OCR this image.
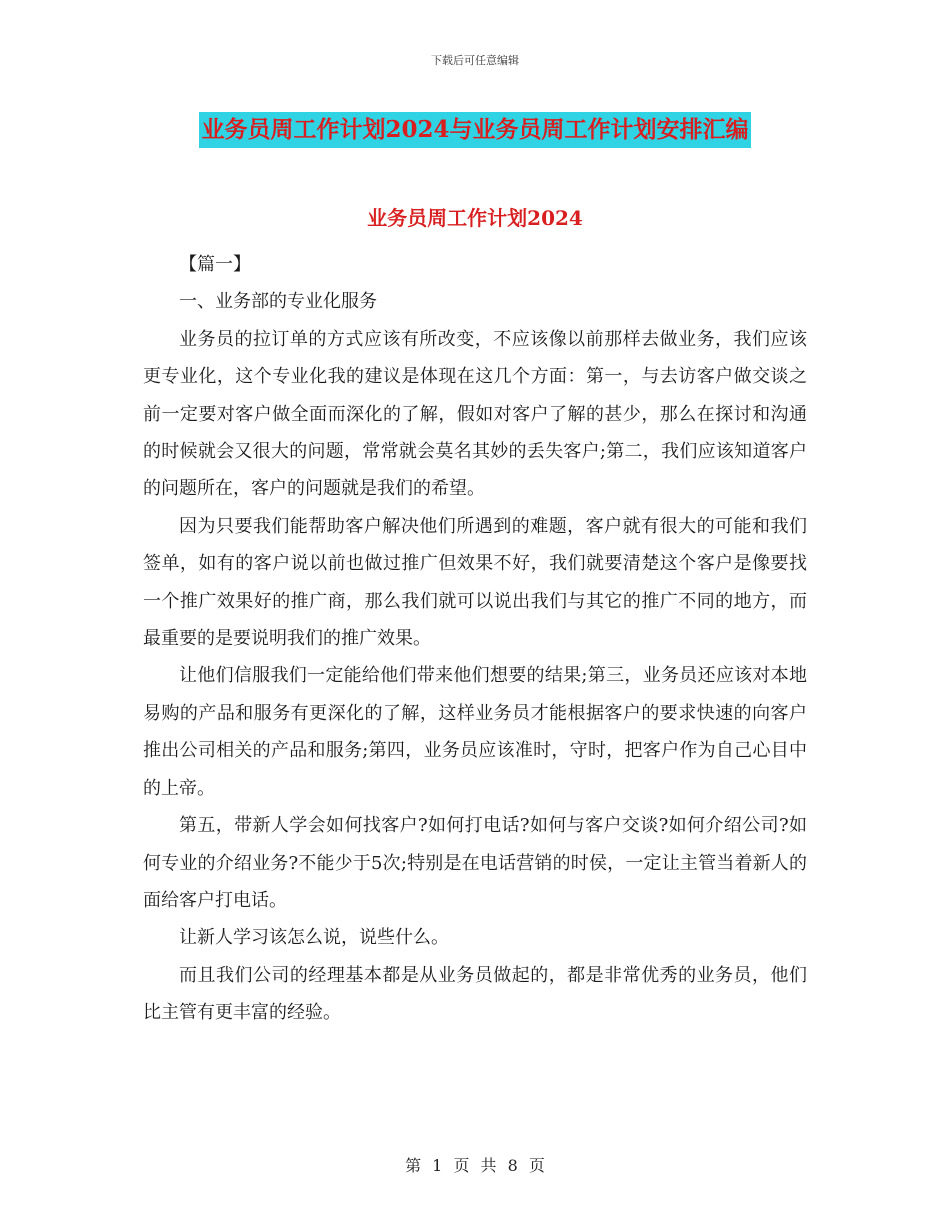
下载后可任意编辑
业务员周工作计划2024与业务员周工作计划安排汇编
业务员周工作计划2024

【篇一】

一、业务部的专业化服务

业务员的拉订单的方式应该有所改变，不应该像以前那样去做业务，我们应该更专业化，这个专业化我的建议是体现在这几个方面：第一，与去访客户做交谈之前一定要对客户做全面而深化的了解，假如对客户了解的甚少，那么在探讨和沟通的时候就会又很大的问题，常常就会莫名其妙的丢失客户;第二，我们应该知道客户的问题所在，客户的问题就是我们的希望。

因为只要我们能帮助客户解决他们所遇到的难题，客户就有很大的可能和我们签单，如有的客户说以前也做过推广但效果不好，我们就要清楚这个客户是像要找一个推广效果好的推广商，那么我们就可以说出我们与其它的推广不同的地方，而最重要的是要说明我们的推广效果。

让他们信服我们一定能给他们带来他们想要的结果;第三，业务员还应该对本地易购的产品和服务有更深化的了解，这样业务员才能根据客户的要求快速的向客户推出公司相关的产品和服务;第四，业务员应该准时，守时，把客户作为自己心目中的上帝。

第五，带新人学会如何找客户?如何打电话?如何与客户交谈?如何介绍公司?如何专业的介绍业务?不能少于5次;特别是在电话营销的时侯，一定让主管当着新人的面给客户打电话。

让新人学习该怎么说，说些什么。

而且我们公司的经理基本都是从业务员做起的，都是非常优秀的业务员，他们比主管有更丰富的经验。

第 1 页 共 8 页
